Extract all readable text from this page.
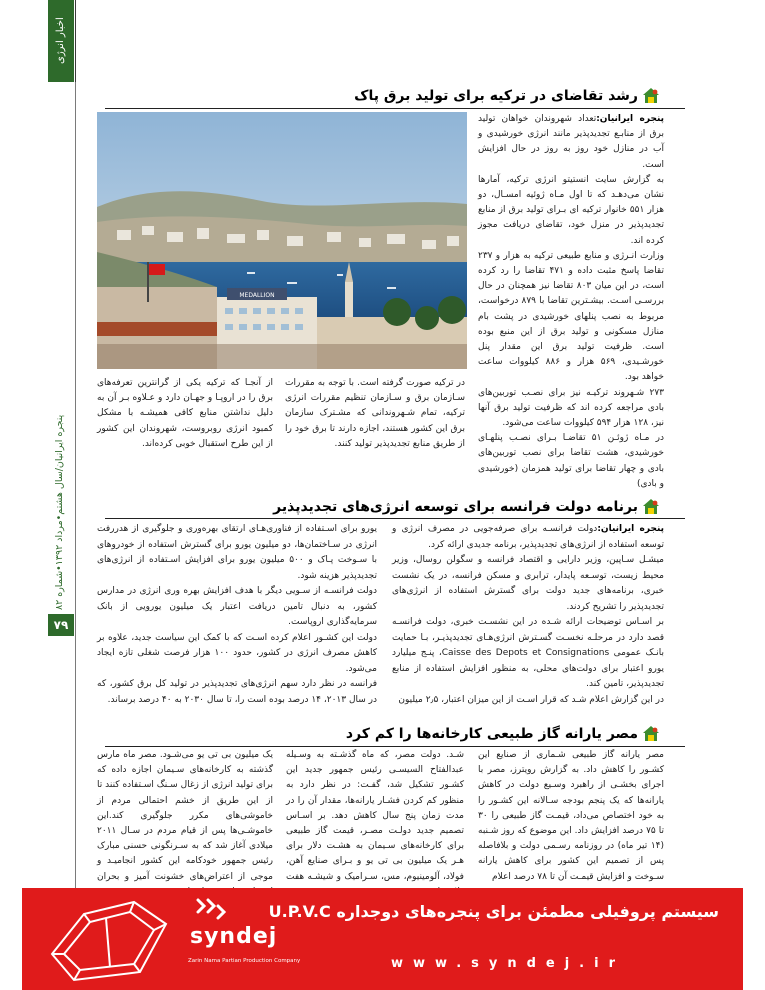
اخبار انرژی
پنجره ایرانیان/سال هشتم•مرداد ۱۳۹۲•شماره ۸۲
۷۹
رشد تقاضای در ترکیه برای تولید برق پاک

پنجره ایرانیان:تعداد شهروندان خواهان تولید برق از منابـع تجدیدپذیر مانند انرژی خورشیدی و آب در منازل خود روز به روز در حال افزایش است.

به گزارش سایت انستیتو انرژی ترکیه، آمارها نشان می‌دهـد که تا اول مـاه ژوئیه امسـال، دو هزار ۵۵۱ خانوار ترکیه ای بـرای تولید برق از منابع تجدیدپذیر در منزل خود، تقاضای دریافت مجوز کرده اند.

وزارت انـرژی و منابع طبیعی ترکیه به هزار و ۲۳۷ تقاضا پاسخ مثبت داده و ۴۷۱ تقاضا را رد کرده است، در این میان ۸۰۳ تقاضا نیز همچنان در حال بررسـی اسـت. بیشـترین تقاضا با ۸۷۹ درخواست، مربوط به نصب پنلهای خورشیدی در پشت بام منازل مسکونی و تولید برق از این منبع بوده است. ظرفیت تولید برق این مقدار پنل خورشـیدی، ۵۶۹ هزار و ۸۸۶ کیلووات ساعت خواهد بود.

۲۷۳ شـهروند ترکیـه نیز برای نصـب توربین‌های بادی مراجعه کرده اند که ظرفیت تولید برق آنها نیز، ۱۲۸ هزار ۵۹۴ کیلووات ساعت می‌شود.

در مـاه ژوئـن ۵۱ تقاضـا بـرای نصـب پنلهـای خورشیدی، هشت تقاضا برای نصب توربین‌های بادی و چهار تقاضا برای تولید همزمان (خورشیدی و بادی)

MEDALLION
در ترکیه صورت گرفته است. با توجه به مقررات سـازمان برق و سـازمان تنظیم مقررات انرژی ترکیه، تمام شـهروندانی که مشـترک سازمان برق این کشور هستند، اجازه دارند تا برق خود را از طریق منابع تجدیدپذیر تولید کنند.
از آنجـا که ترکیه یکی از گرانترین تعرفه‌های برق را در اروپـا و جهـان دارد و عـلاوه بـر آن به دلیل نداشتن منابع کافی همیشـه با مشکل کمبود انرژی روبروست، شهروندان این کشور از این طرح استقبال خوبی کرده‌اند.
برنامه دولت فرانسه برای توسعه انرژی‌های تجدیدپذیر

پنجره ایرانیان:دولت فرانسـه برای صرفه‌جویی در مصرف انرژی و توسعه استفاده از انرژی‌های تجدیدپذیر، برنامه جدیدی ارائه کرد.

میشـل سـاپین، وزیر دارایی و اقتصاد فرانسه و سگولن روسال، وزیر محیط زیست، توسـعه پایدار، ترابری و مسکن فرانسه، در یک نشست خبری، برنامه‌های جدید دولت برای گسترش استفاده از انرژی‌های تجدیدپذیر را تشریح کردند.

بر اسـاس توضیحات ارائه شـده در این نشسـت خبری، دولت فرانسـه قصد دارد در مرحلـه نخسـت گسـترش انرژی‌هـای تجدیدپذیـر، بـا حمایت بانـک عمومی Caisse des Depots et Consignations، پنـج میلیارد یورو اعتبار برای دولت‌های محلی، به منظور افزایش استفاده از منابع تجدیدپذیر، تامین کند.

در این گزارش اعلام شـد که قرار اسـت از این میزان اعتبار، ۲٫۵ میلیون

یورو برای اسـتفاده از فناوری‌هـای ارتقای بهره‌وری و جلوگیری از هدررفت انرژی در سـاختمان‌ها، دو میلیون یورو برای گسترش استفاده از خودروهای با سـوخت پـاک و ۵۰۰ میلیون یورو برای افزایش اسـتفاده از انرژی‌های تجدیدپذیر هزینه شود.

دولت فرانسـه از سـویی دیگر با هدف افزایش بهره وری انرژی در مدارس کشور، به دنبال تامین دریافت اعتبار یک میلیون یورویی از بانک سرمایه‌گذاری اروپاست.

دولت این کشـور اعلام کرده اسـت که با کمک این سیاست جدید، علاوه بر کاهش مصرف انرژی در کشور، حدود ۱۰۰ هزار فرصت شغلی تازه ایجاد می‌شود.

فرانسه در نظر دارد سهم انرژی‌های تجدیدپذیر در تولید کل برق کشور، که در سال ۲۰۱۳، ۱۴ درصد بوده است را، تا سال ۲۰۳۰ به ۴۰ درصد برساند.

مصر یارانه گاز طبیعی کارخانه‌ها را کم کرد
مصر یارانه گاز طبیعی شـماری از صنایع این کشـور را کاهش داد. به گزارش رویترز، مصر با اجرای بخشـی از راهبرد وسـیع دولت در کاهش یارانه‌ها که یک پنجم بودجه سـالانه این کشـور را به خود اختصاص می‌داد، قیمـت گاز طبیعی را ۳۰ تا ۷۵ درصد افزایش داد. این موضوع که روز شـنبه (۱۴ تیر ماه) در روزنامه رسـمی دولت و بلافاصله پس از تصمیم این کشور برای کاهش یارانه سـوخت و افزایش قیمـت آن تا ۷۸ درصد اعلام
شـد. دولت مصر، که ماه گذشـته به وسـیله عبدالفتاح السیسـی رئیس جمهور جدید این کشـور تشکیل شد، گفـت: در نظر دارد به منظور کم کردن فشـار یارانه‌ها، مقدار آن را در مدت زمان پنج سال کاهش دهد. بر اسـاس تصمیم جدید دولـت مصـر، قیمت گاز طبیعی برای کارخانه‌های سـیمان به هشـت دلار برای هـر یک میلیون بی تی یو و بـرای صنایع آهن، فولاد، آلومینیوم، مس، سـرامیک و شیشـه هفت
یک میلیون بی تی یو می‌شـود. مصر ماه مارس گذشته به کارخانه‌های سـیمان اجازه داده که برای تولید انرژی از زغال سـنگ اسـتفاده کنند تا از این طریق از خشم احتمالی مردم از خاموشی‌های مکرر جلوگیری کند.این خاموشـی‌ها پس از قیام مردم در سـال ۲۰۱۱ میلادی آغاز شد که به سـرنگونی حسنی مبارک رئیس جمهور خودکامه این کشور انجامیـد و موجی از اعتراض‌های خشونت آمیز و بحران
syndej
Zarin Nama Partian Production Company
سیستم پروفیلی مطمئن برای پنجره‌های دوجداره U.P.V.C
www.syndej.ir
